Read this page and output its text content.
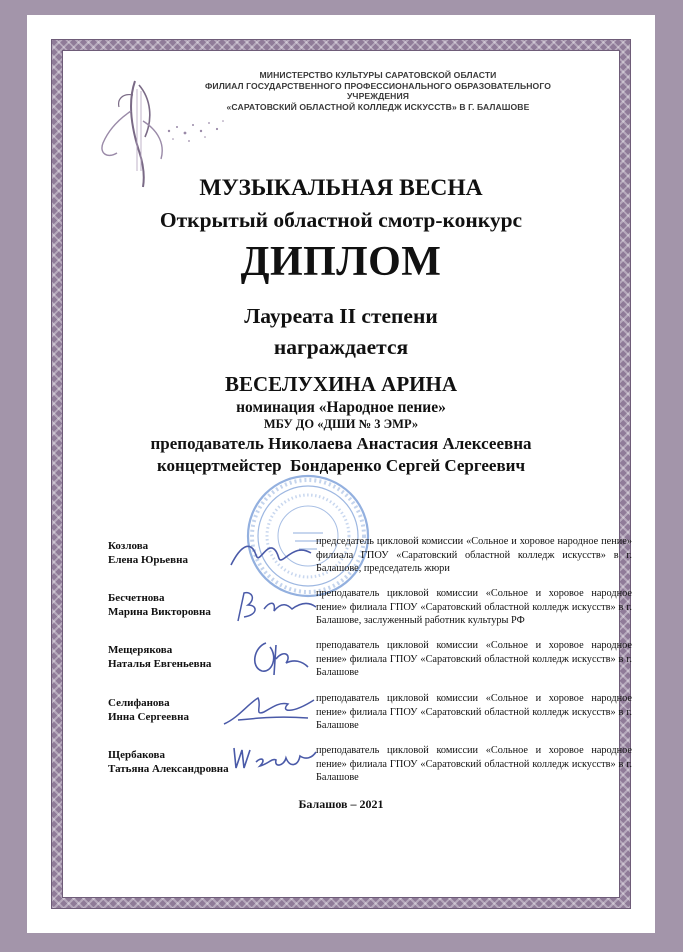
МИНИСТЕРСТВО КУЛЬТУРЫ САРАТОВСКОЙ ОБЛАСТИ
ФИЛИАЛ ГОСУДАРСТВЕННОГО ПРОФЕССИОНАЛЬНОГО ОБРАЗОВАТЕЛЬНОГО УЧРЕЖДЕНИЯ
«САРАТОВСКИЙ ОБЛАСТНОЙ КОЛЛЕДЖ ИСКУССТВ» В Г. БАЛАШОВЕ
МУЗЫКАЛЬНАЯ ВЕСНА
Открытый областной смотр-конкурс
ДИПЛОМ
Лауреата II степени
награждается
ВЕСЕЛУХИНА АРИНА
номинация «Народное пение»
МБУ ДО «ДШИ № 3 ЭМР»
преподаватель Николаева Анастасия Алексеевна
концертмейстер  Бондаренко Сергей Сергеевич
Козлова
Елена Юрьевна
председатель цикловой комиссии «Сольное и хоровое народное пение» филиала ГПОУ «Саратовский областной колледж искусств» в г. Балашове, председатель жюри
Бесчетнова
Марина Викторовна
преподаватель цикловой комиссии «Сольное и хоровое народное пение» филиала ГПОУ «Саратовский областной колледж искусств» в г. Балашове, заслуженный работник культуры РФ
Мещерякова
Наталья Евгеньевна
преподаватель цикловой комиссии «Сольное и хоровое народное пение» филиала ГПОУ «Саратовский областной колледж искусств» в г. Балашове
Селифанова
Инна Сергеевна
преподаватель цикловой комиссии «Сольное и хоровое народное пение» филиала ГПОУ «Саратовский областной колледж искусств» в г. Балашове
Щербакова
Татьяна Александровна
преподаватель цикловой комиссии «Сольное и хоровое народное пение» филиала ГПОУ «Саратовский областной колледж искусств» в г. Балашове
Балашов – 2021
